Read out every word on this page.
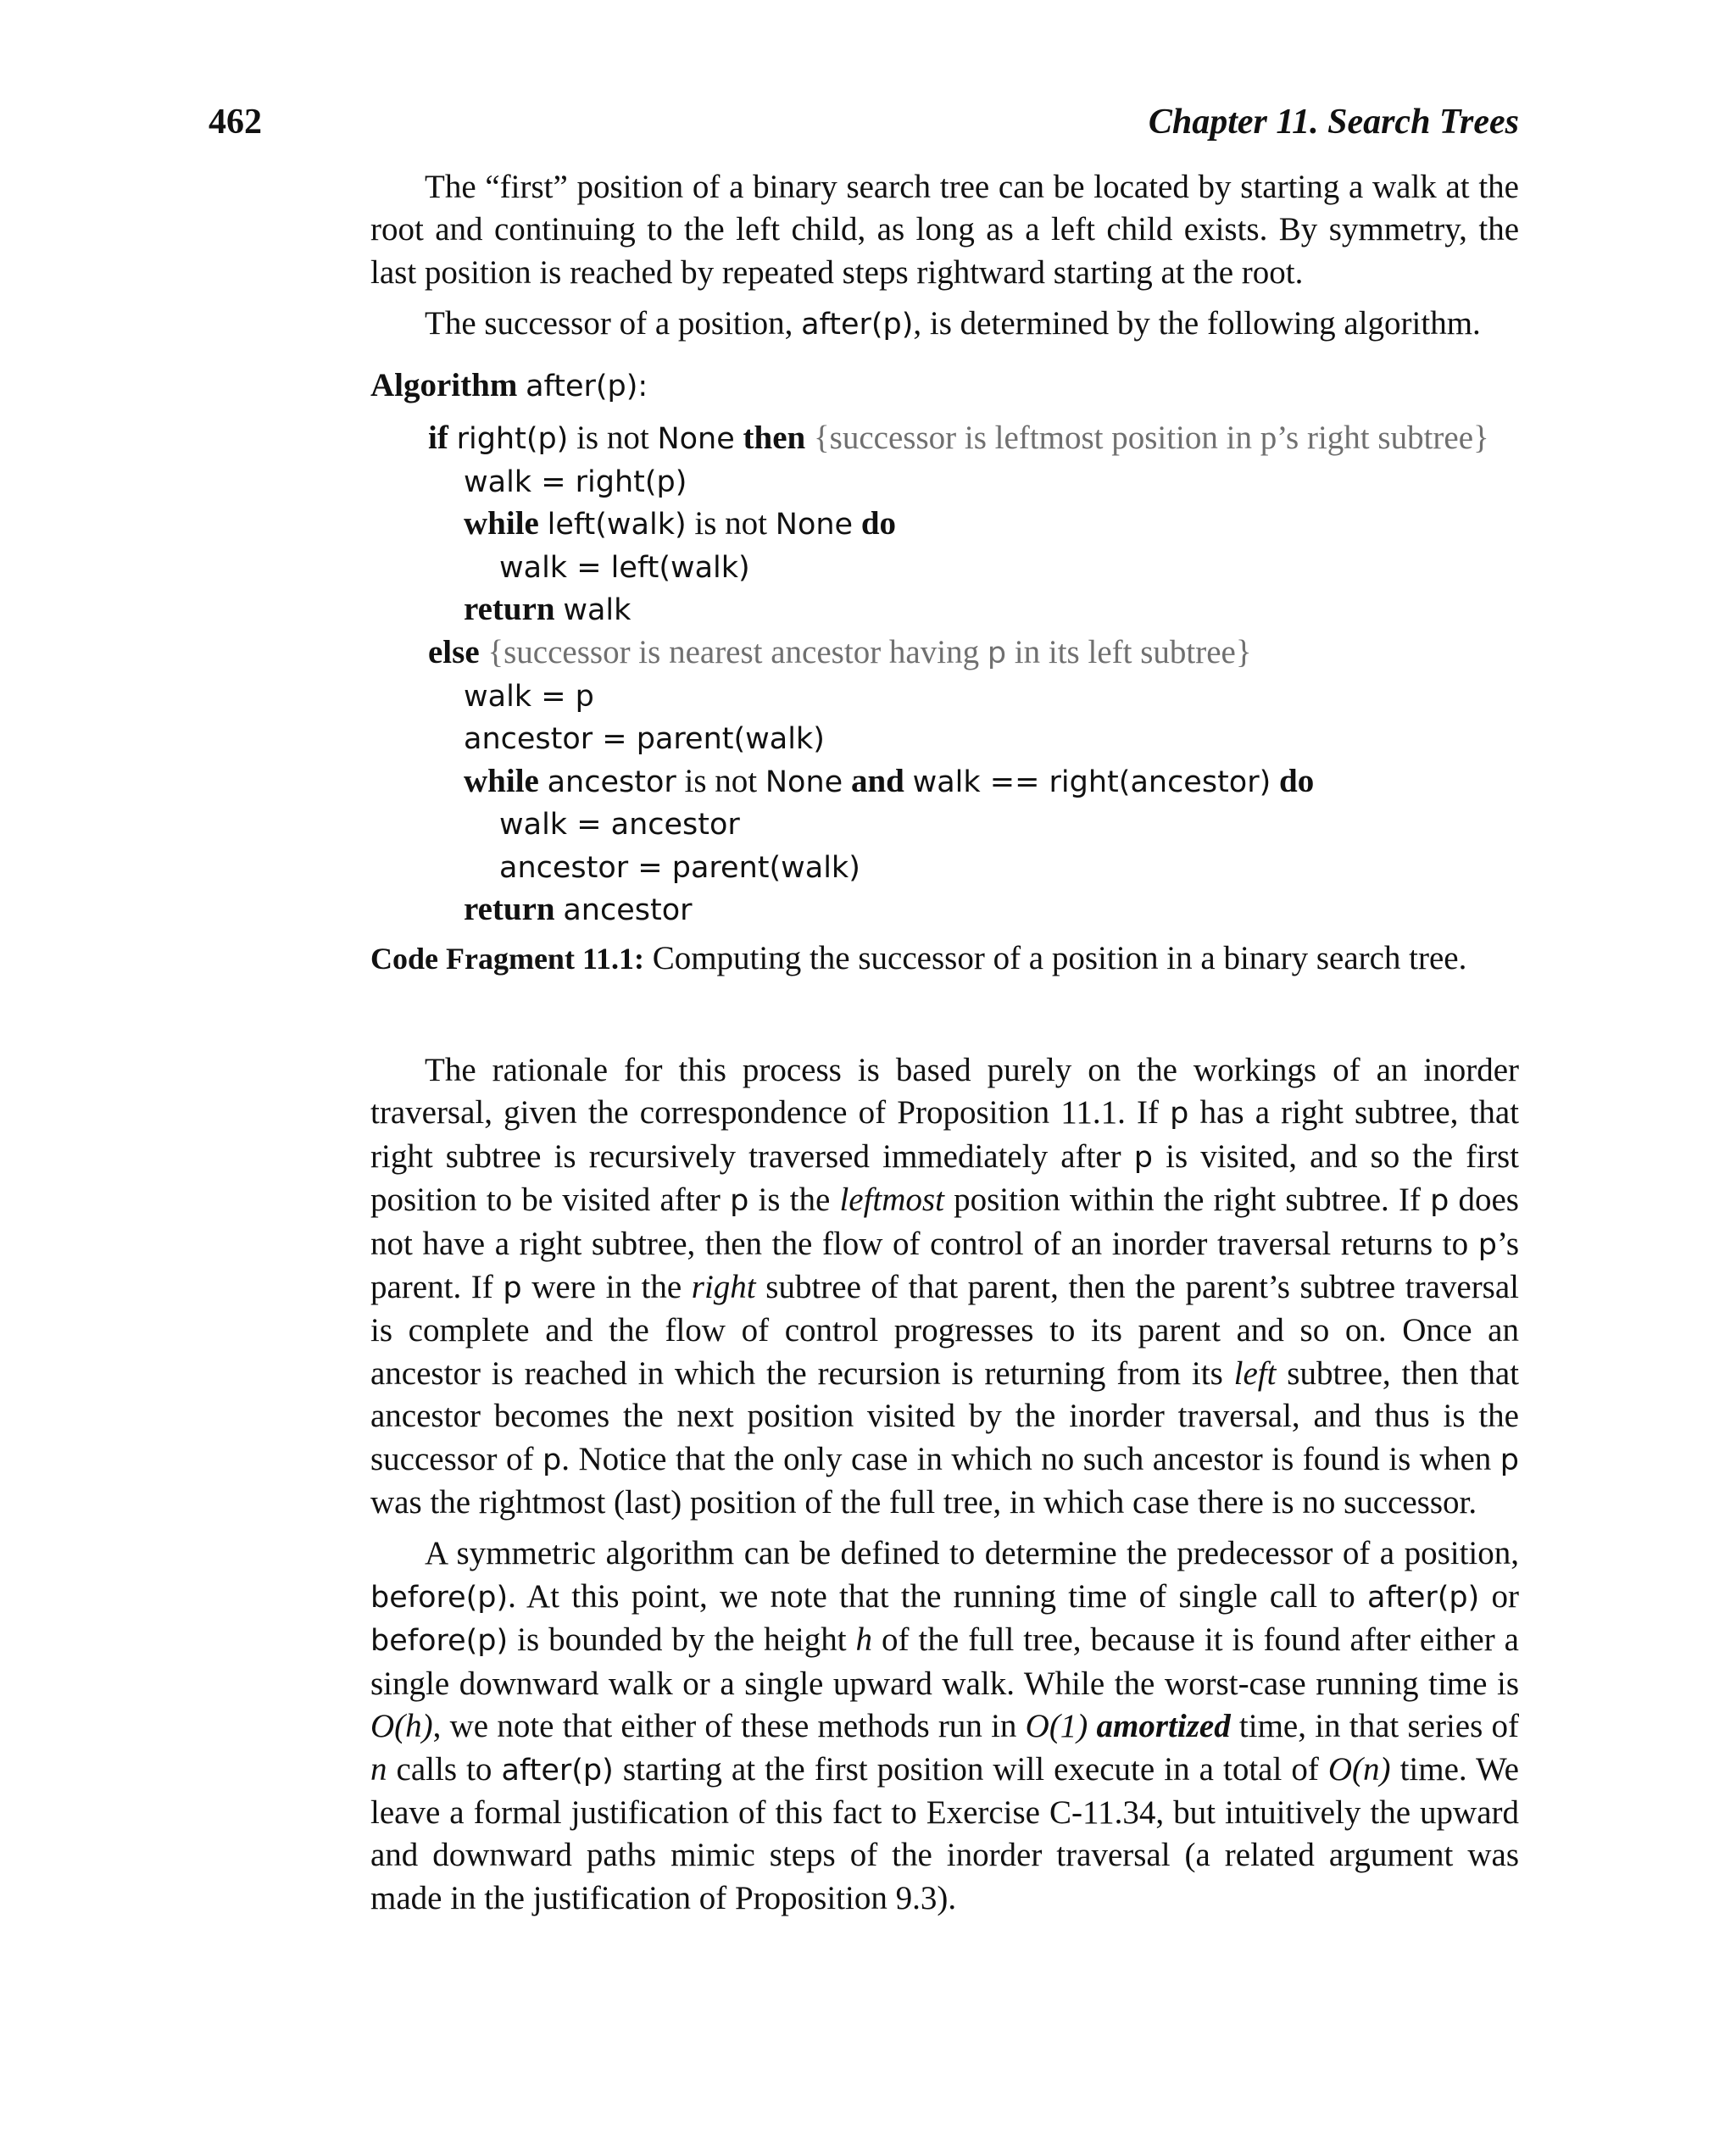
462	Chapter 11. Search Trees

The “first” position of a binary search tree can be located by starting a walk at the root and continuing to the left child, as long as a left child exists. By symmetry, the last position is reached by repeated steps rightward starting at the root.

The successor of a position, after(p), is determined by the following algorithm.

Algorithm after(p):
if right(p) is not None then {successor is leftmost position in p’s right subtree}
walk = right(p)
while left(walk) is not None do
walk = left(walk)
return walk
else {successor is nearest ancestor having p in its left subtree}
walk = p
ancestor = parent(walk)
while ancestor is not None and walk == right(ancestor) do
walk = ancestor
ancestor = parent(walk)
return ancestor
Code Fragment 11.1: Computing the successor of a position in a binary search tree.

The rationale for this process is based purely on the workings of an inorder traversal, given the correspondence of Proposition 11.1. If p has a right subtree, that right subtree is recursively traversed immediately after p is visited, and so the first position to be visited after p is the leftmost position within the right subtree. If p does not have a right subtree, then the flow of control of an inorder traversal returns to p’s parent. If p were in the right subtree of that parent, then the parent’s subtree traversal is complete and the flow of control progresses to its parent and so on. Once an ancestor is reached in which the recursion is returning from its left subtree, then that ancestor becomes the next position visited by the inorder traversal, and thus is the successor of p. Notice that the only case in which no such ancestor is found is when p was the rightmost (last) position of the full tree, in which case there is no successor.

A symmetric algorithm can be defined to determine the predecessor of a position, before(p). At this point, we note that the running time of single call to after(p) or before(p) is bounded by the height h of the full tree, because it is found after either a single downward walk or a single upward walk. While the worst-case running time is O(h), we note that either of these methods run in O(1) amortized time, in that series of n calls to after(p) starting at the first position will execute in a total of O(n) time. We leave a formal justification of this fact to Exercise C-11.34, but intuitively the upward and downward paths mimic steps of the inorder traversal (a related argument was made in the justification of Proposition 9.3).
